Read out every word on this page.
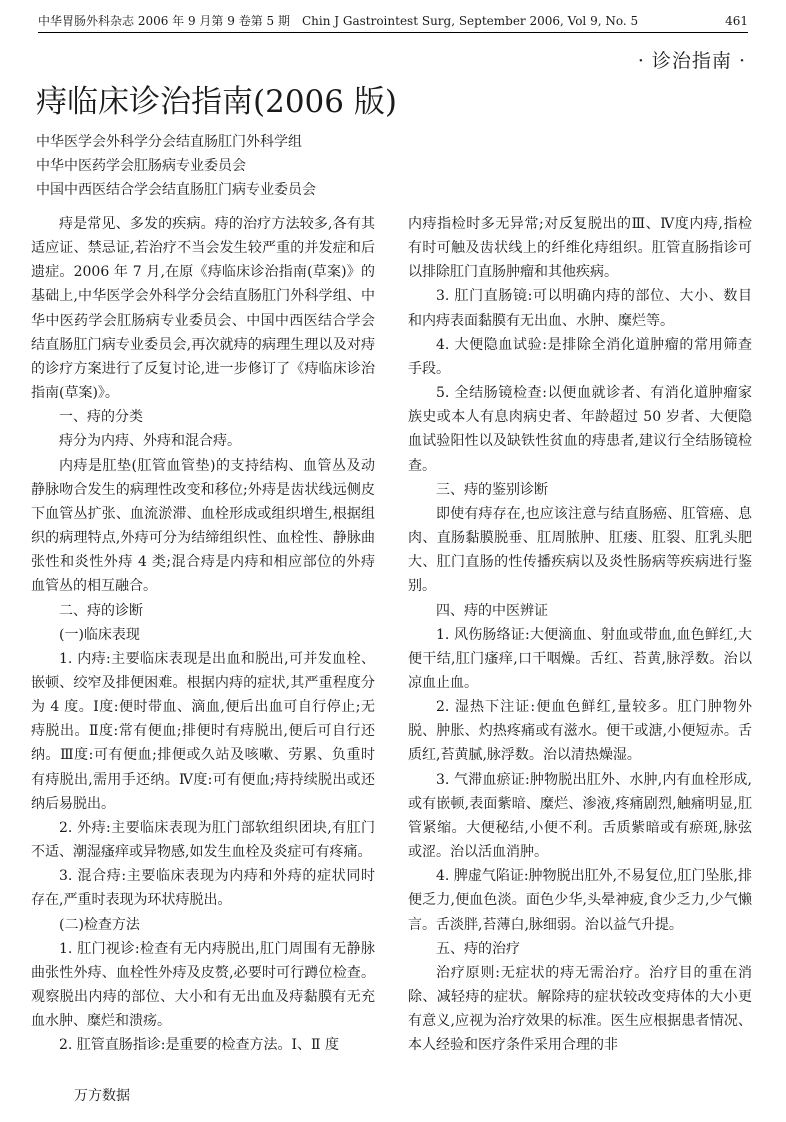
中华胃肠外科杂志 2006 年 9 月第 9 卷第 5 期　Chin J Gastrointest Surg, September 2006, Vol 9, No. 5	461
· 诊治指南 ·
痔临床诊治指南(2006 版)
中华医学会外科学分会结直肠肛门外科学组
中华中医药学会肛肠病专业委员会
中国中西医结合学会结直肠肛门病专业委员会

痔是常见、多发的疾病。痔的治疗方法较多,各有其适应证、禁忌证,若治疗不当会发生较严重的并发症和后遗症。2006 年 7 月,在原《痔临床诊治指南(草案)》的基础上,中华医学会外科学分会结直肠肛门外科学组、中华中医药学会肛肠病专业委员会、中国中西医结合学会结直肠肛门病专业委员会,再次就痔的病理生理以及对痔的诊疗方案进行了反复讨论,进一步修订了《痔临床诊治指南(草案)》。

一、痔的分类

痔分为内痔、外痔和混合痔。

内痔是肛垫(肛管血管垫)的支持结构、血管丛及动静脉吻合发生的病理性改变和移位;外痔是齿状线远侧皮下血管丛扩张、血流淤滞、血栓形成或组织增生,根据组织的病理特点,外痔可分为结缔组织性、血栓性、静脉曲张性和炎性外痔 4 类;混合痔是内痔和相应部位的外痔血管丛的相互融合。

二、痔的诊断

(一)临床表现

1. 内痔:主要临床表现是出血和脱出,可并发血栓、嵌顿、绞窄及排便困难。根据内痔的症状,其严重程度分为 4 度。Ⅰ度:便时带血、滴血,便后出血可自行停止;无痔脱出。Ⅱ度:常有便血;排便时有痔脱出,便后可自行还纳。Ⅲ度:可有便血;排便或久站及咳嗽、劳累、负重时有痔脱出,需用手还纳。Ⅳ度:可有便血;痔持续脱出或还纳后易脱出。

2. 外痔:主要临床表现为肛门部软组织团块,有肛门不适、潮湿瘙痒或异物感,如发生血栓及炎症可有疼痛。

3. 混合痔:主要临床表现为内痔和外痔的症状同时存在,严重时表现为环状痔脱出。

(二)检查方法

1. 肛门视诊:检查有无内痔脱出,肛门周围有无静脉曲张性外痔、血栓性外痔及皮赘,必要时可行蹲位检查。观察脱出内痔的部位、大小和有无出血及痔黏膜有无充血水肿、糜烂和溃疡。

2. 肛管直肠指诊:是重要的检查方法。Ⅰ、Ⅱ 度

内痔指检时多无异常;对反复脱出的Ⅲ、Ⅳ度内痔,指检有时可触及齿状线上的纤维化痔组织。肛管直肠指诊可以排除肛门直肠肿瘤和其他疾病。

3. 肛门直肠镜:可以明确内痔的部位、大小、数目和内痔表面黏膜有无出血、水肿、糜烂等。

4. 大便隐血试验:是排除全消化道肿瘤的常用筛查手段。

5. 全结肠镜检查:以便血就诊者、有消化道肿瘤家族史或本人有息肉病史者、年龄超过 50 岁者、大便隐血试验阳性以及缺铁性贫血的痔患者,建议行全结肠镜检查。

三、痔的鉴别诊断

即使有痔存在,也应该注意与结直肠癌、肛管癌、息肉、直肠黏膜脱垂、肛周脓肿、肛瘘、肛裂、肛乳头肥大、肛门直肠的性传播疾病以及炎性肠病等疾病进行鉴别。

四、痔的中医辨证

1. 风伤肠络证:大便滴血、射血或带血,血色鲜红,大便干结,肛门瘙痒,口干咽燥。舌红、苔黄,脉浮数。治以凉血止血。

2. 湿热下注证:便血色鲜红,量较多。肛门肿物外脱、肿胀、灼热疼痛或有滋水。便干或溏,小便短赤。舌质红,苔黄腻,脉浮数。治以清热燥湿。

3. 气滞血瘀证:肿物脱出肛外、水肿,内有血栓形成,或有嵌顿,表面紫暗、糜烂、渗液,疼痛剧烈,触痛明显,肛管紧缩。大便秘结,小便不利。舌质紫暗或有瘀斑,脉弦或涩。治以活血消肿。

4. 脾虚气陷证:肿物脱出肛外,不易复位,肛门坠胀,排便乏力,便血色淡。面色少华,头晕神疲,食少乏力,少气懒言。舌淡胖,苔薄白,脉细弱。治以益气升提。

五、痔的治疗

治疗原则:无症状的痔无需治疗。治疗目的重在消除、减轻痔的症状。解除痔的症状较改变痔体的大小更有意义,应视为治疗效果的标准。医生应根据患者情况、本人经验和医疗条件采用合理的非

万方数据
